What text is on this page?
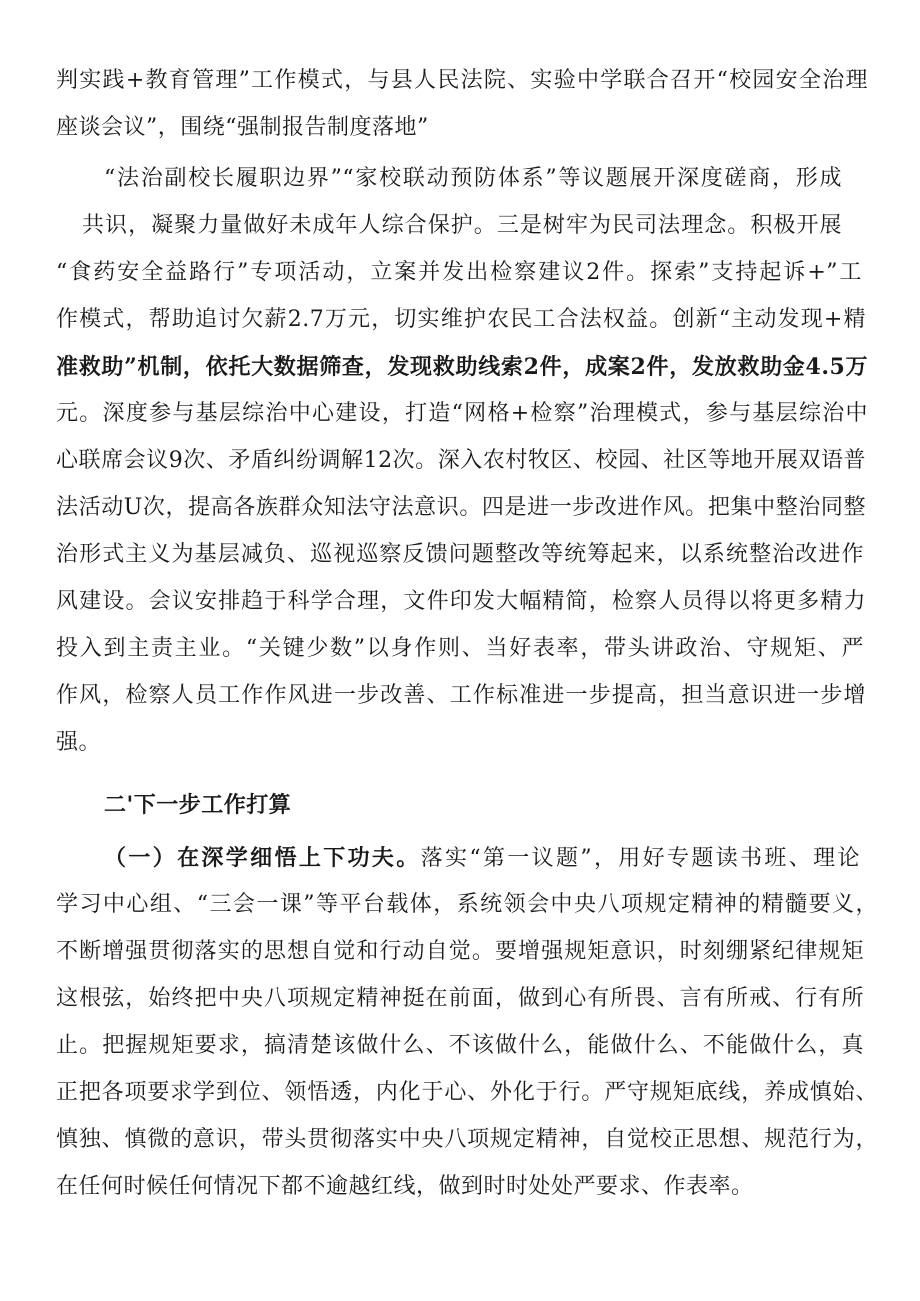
判实践+教育管理”工作模式，与县人民法院、实验中学联合召开“校园安全治理
座谈会议”，围绕“强制报告制度落地”
“法治副校长履职边界”“家校联动预防体系”等议题展开深度磋商，形成
共识，凝聚力量做好未成年人综合保护。三是树牢为民司法理念。积极开展
“食药安全益路行”专项活动，立案并发出检察建议2件。探索”支持起诉+”工
作模式，帮助追讨欠薪2.7万元，切实维护农民工合法权益。创新“主动发现+精
准救助”机制，依托大数据筛查，发现救助线索2件，成案2件，发放救助金4.5万
元。深度参与基层综治中心建设，打造“网格+检察”治理模式，参与基层综治中
心联席会议9次、矛盾纠纷调解12次。深入农村牧区、校园、社区等地开展双语普
法活动U次，提高各族群众知法守法意识。四是进一步改进作风。把集中整治同整
治形式主义为基层减负、巡视巡察反馈问题整改等统筹起来，以系统整治改进作
风建设。会议安排趋于科学合理，文件印发大幅精简，检察人员得以将更多精力
投入到主责主业。“关键少数”以身作则、当好表率，带头讲政治、守规矩、严
作风，检察人员工作作风进一步改善、工作标准进一步提高，担当意识进一步增
强。
二'下一步工作打算
（一）在深学细悟上下功夫。落实“第一议题”，用好专题读书班、理论
学习中心组、“三会一课”等平台载体，系统领会中央八项规定精神的精髓要义，
不断增强贯彻落实的思想自觉和行动自觉。要增强规矩意识，时刻绷紧纪律规矩
这根弦，始终把中央八项规定精神挺在前面，做到心有所畏、言有所戒、行有所
止。把握规矩要求，搞清楚该做什么、不该做什么，能做什么、不能做什么，真
正把各项要求学到位、领悟透，内化于心、外化于行。严守规矩底线，养成慎始、
慎独、慎微的意识，带头贯彻落实中央八项规定精神，自觉校正思想、规范行为，
在任何时候任何情况下都不逾越红线，做到时时处处严要求、作表率。
